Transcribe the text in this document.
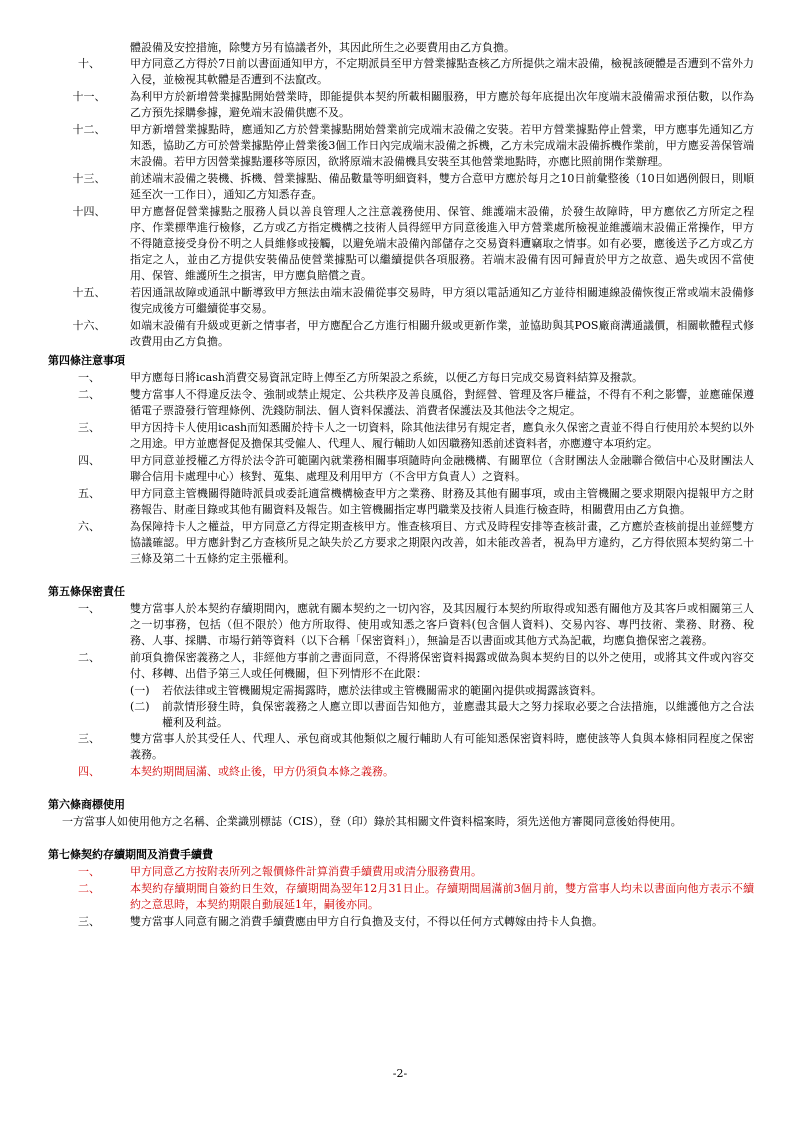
體設備及安控措施，除雙方另有協議者外，其因此所生之必要費用由乙方負擔。
十、	甲方同意乙方得於7日前以書面通知甲方，不定期派員至甲方營業據點查核乙方所提供之端末設備，檢視該硬體是否遭到不當外力入侵，並檢視其軟體是否遭到不法竄改。
十一、	為利甲方於新增營業據點開始營業時，即能提供本契約所載相關服務，甲方應於每年底提出次年度端末設備需求預估數，以作為乙方預先採購參據，避免端末設備供應不及。
十二、	甲方新增營業據點時，應通知乙方於營業據點開始營業前完成端末設備之安裝。若甲方營業據點停止營業，甲方應事先通知乙方知悉，協助乙方可於營業據點停止營業後3個工作日內完成端末設備之拆機，乙方未完成端末設備拆機作業前，甲方應妥善保管端末設備。若甲方因營業據點遷移等原因，欲將原端末設備機具安裝至其他營業地點時，亦應比照前開作業辦理。
十三、	前述端末設備之裝機、拆機、營業據點、備品數量等明細資料，雙方合意甲方應於每月之10日前彙整後（10日如遇例假日，則順延至次一工作日），通知乙方知悉存查。
十四、	甲方應督促營業據點之服務人員以善良管理人之注意義務使用、保管、維護端末設備，於發生故障時，甲方應依乙方所定之程序、作業標準進行檢修，乙方或乙方指定機構之技術人員得經甲方同意後進入甲方營業處所檢視並維護端末設備正常操作，甲方不得隨意接受身份不明之人員維修或接觸，以避免端末設備內部儲存之交易資料遭竊取之情事。如有必要，應後送予乙方或乙方指定之人，並由乙方提供安裝備品使營業據點可以繼續提供各項服務。若端末設備有因可歸責於甲方之故意、過失或因不當使用、保管、維護所生之損害，甲方應負賠償之責。
十五、	若因通訊故障或通訊中斷導致甲方無法由端末設備從事交易時，甲方須以電話通知乙方並待相關連線設備恢復正常或端末設備修復完成後方可繼續從事交易。
十六、	如端末設備有升級或更新之情事者，甲方應配合乙方進行相關升級或更新作業，並協助與其POS廠商溝通議價，相關軟體程式修改費用由乙方負擔。
第四條注意事項
一、	甲方應每日將icash消費交易資訊定時上傳至乙方所架設之系統，以便乙方每日完成交易資料結算及撥款。
二、	雙方當事人不得違反法令、強制或禁止規定、公共秩序及善良風俗，對經營、管理及客戶權益，不得有不利之影響，並應確保遵循電子票證發行管理條例、洗錢防制法、個人資料保護法、消費者保護法及其他法令之規定。
三、	甲方因持卡人使用icash而知悉關於持卡人之一切資料，除其他法律另有規定者，應負永久保密之責並不得自行使用於本契約以外之用途。甲方並應督促及擔保其受僱人、代理人、履行輔助人如因職務知悉前述資料者，亦應遵守本項約定。
四、	甲方同意並授權乙方得於法令許可範圍內就業務相關事項隨時向金融機構、有關單位（含財團法人金融聯合徵信中心及財團法人聯合信用卡處理中心）核對、蒐集、處理及利用甲方（不含甲方負責人）之資料。
五、	甲方同意主管機關得隨時派員或委託適當機構檢查甲方之業務、財務及其他有關事項，或由主管機關之要求期限內提報甲方之財務報告、財產目錄或其他有關資料及報告。如主管機關指定專門職業及技術人員進行檢查時，相關費用由乙方負擔。
六、	為保障持卡人之權益，甲方同意乙方得定期查核甲方。惟查核項目、方式及時程安排等查核計畫，乙方應於查核前提出並經雙方協議確認。甲方應針對乙方查核所見之缺失於乙方要求之期限內改善，如未能改善者，視為甲方違約，乙方得依照本契約第二十三條及第二十五條約定主張權利。
第五條保密責任
一、	雙方當事人於本契約存續期間內，應就有關本契約之一切內容，及其因履行本契約所取得或知悉有關他方及其客戶或相關第三人之一切事務，包括（但不限於）他方所取得、使用或知悉之客戶資料(包含個人資料)、交易內容、專門技術、業務、財務、稅務、人事、採購、市場行銷等資料（以下合稱「保密資料」），無論是否以書面或其他方式為記載，均應負擔保密之義務。
二、	前項負擔保密義務之人，非經他方事前之書面同意，不得將保密資料揭露或做為與本契約目的以外之使用，或將其文件或內容交付、移轉、出借予第三人或任何機關，但下列情形不在此限：
(一)	若依法律或主管機關規定需揭露時，應於法律或主管機關需求的範圍內提供或揭露該資料。
(二)	前款情形發生時，負保密義務之人應立即以書面告知他方，並應盡其最大之努力採取必要之合法措施，以維護他方之合法權利及利益。
三、	雙方當事人於其受任人、代理人、承包商或其他類似之履行輔助人有可能知悉保密資料時，應使該等人負與本條相同程度之保密義務。
四、	本契約期間屆滿、或終止後，甲方仍須負本條之義務。
第六條商標使用
一方當事人如使用他方之名稱、企業識別標誌（CIS），登（印）錄於其相關文件資料檔案時，須先送他方審閱同意後始得使用。
第七條契約存續期間及消費手續費
一、	甲方同意乙方按附表所列之報價條件計算消費手續費用或清分服務費用。
二、	本契約存續期間自簽約日生效，存續期間為翌年12月31日止。存續期間屆滿前3個月前，雙方當事人均未以書面向他方表示不續約之意思時，本契約期限自動展延1年，嗣後亦同。
三、	雙方當事人同意有關之消費手續費應由甲方自行負擔及支付，不得以任何方式轉嫁由持卡人負擔。
-2-
